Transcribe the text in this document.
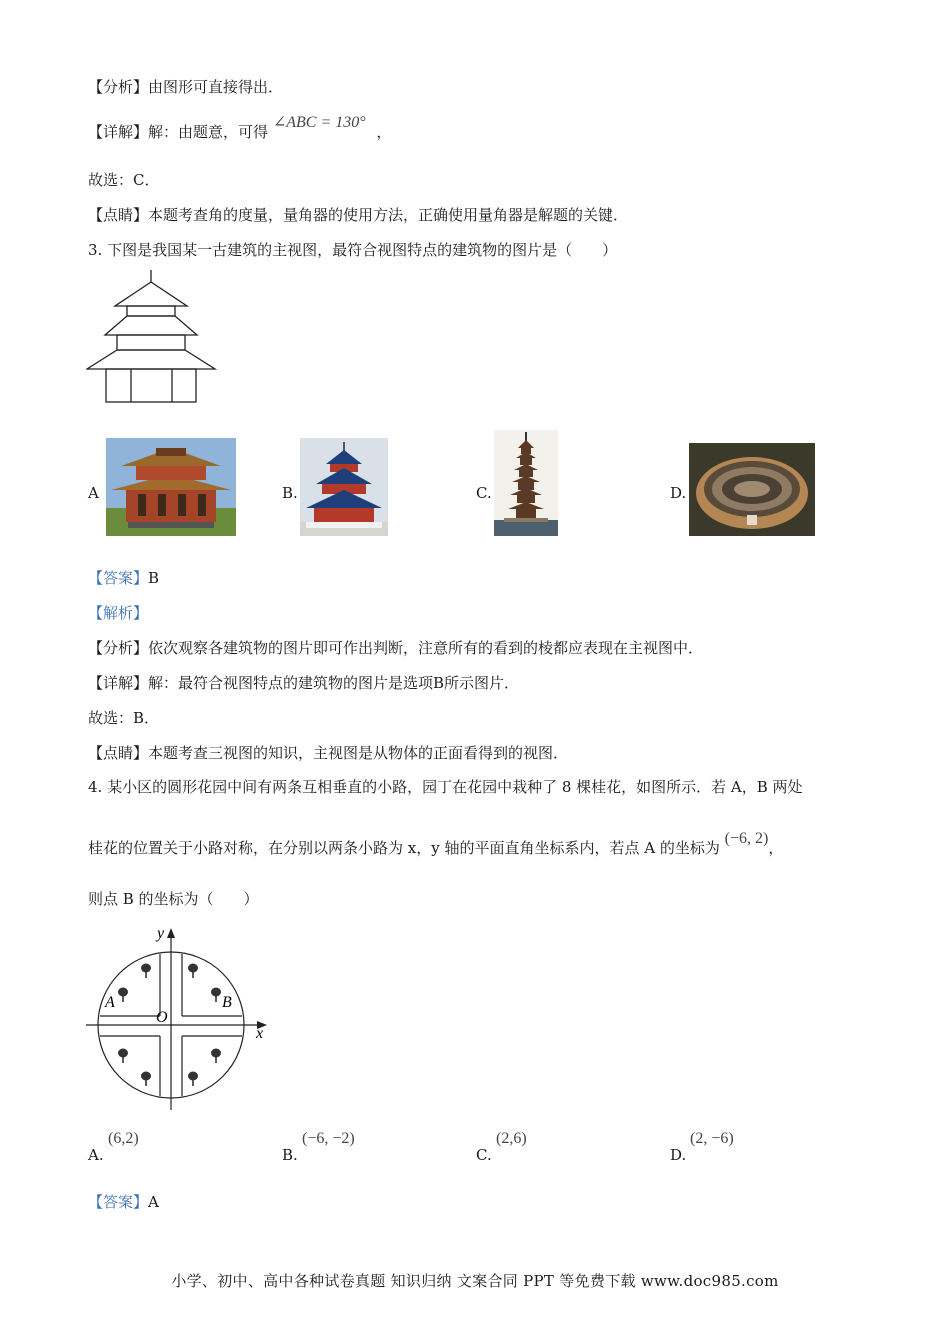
【分析】由图形可直接得出．
【详解】解：由题意，可得 ∠ABC = 130° ，
故选：C．
【点睛】本题考查角的度量，量角器的使用方法，正确使用量角器是解题的关键．
3. 下图是我国某一古建筑的主视图，最符合视图特点的建筑物的图片是（　　）
A	B.	C.	D.
【答案】B
【解析】
【分析】依次观察各建筑物的图片即可作出判断，注意所有的看到的棱都应表现在主视图中．
【详解】解：最符合视图特点的建筑物的图片是选项B所示图片．
故选：B．
【点睛】本题考查三视图的知识，主视图是从物体的正面看得到的视图．
4. 某小区的圆形花园中间有两条互相垂直的小路，园丁在花园中栽种了 8 棵桂花，如图所示．若 A，B 两处
桂花的位置关于小路对称，在分别以两条小路为 x，y 轴的平面直角坐标系内，若点 A 的坐标为 (−6, 2)，
则点 B 的坐标为（　　）
y
x
O
A	B
A.
(6,2)
B.
(−6, −2)
C.
(2,6)
D.
(2, −6)
【答案】A
小学、初中、高中各种试卷真题 知识归纳 文案合同 PPT 等免费下载 www.doc985.com
